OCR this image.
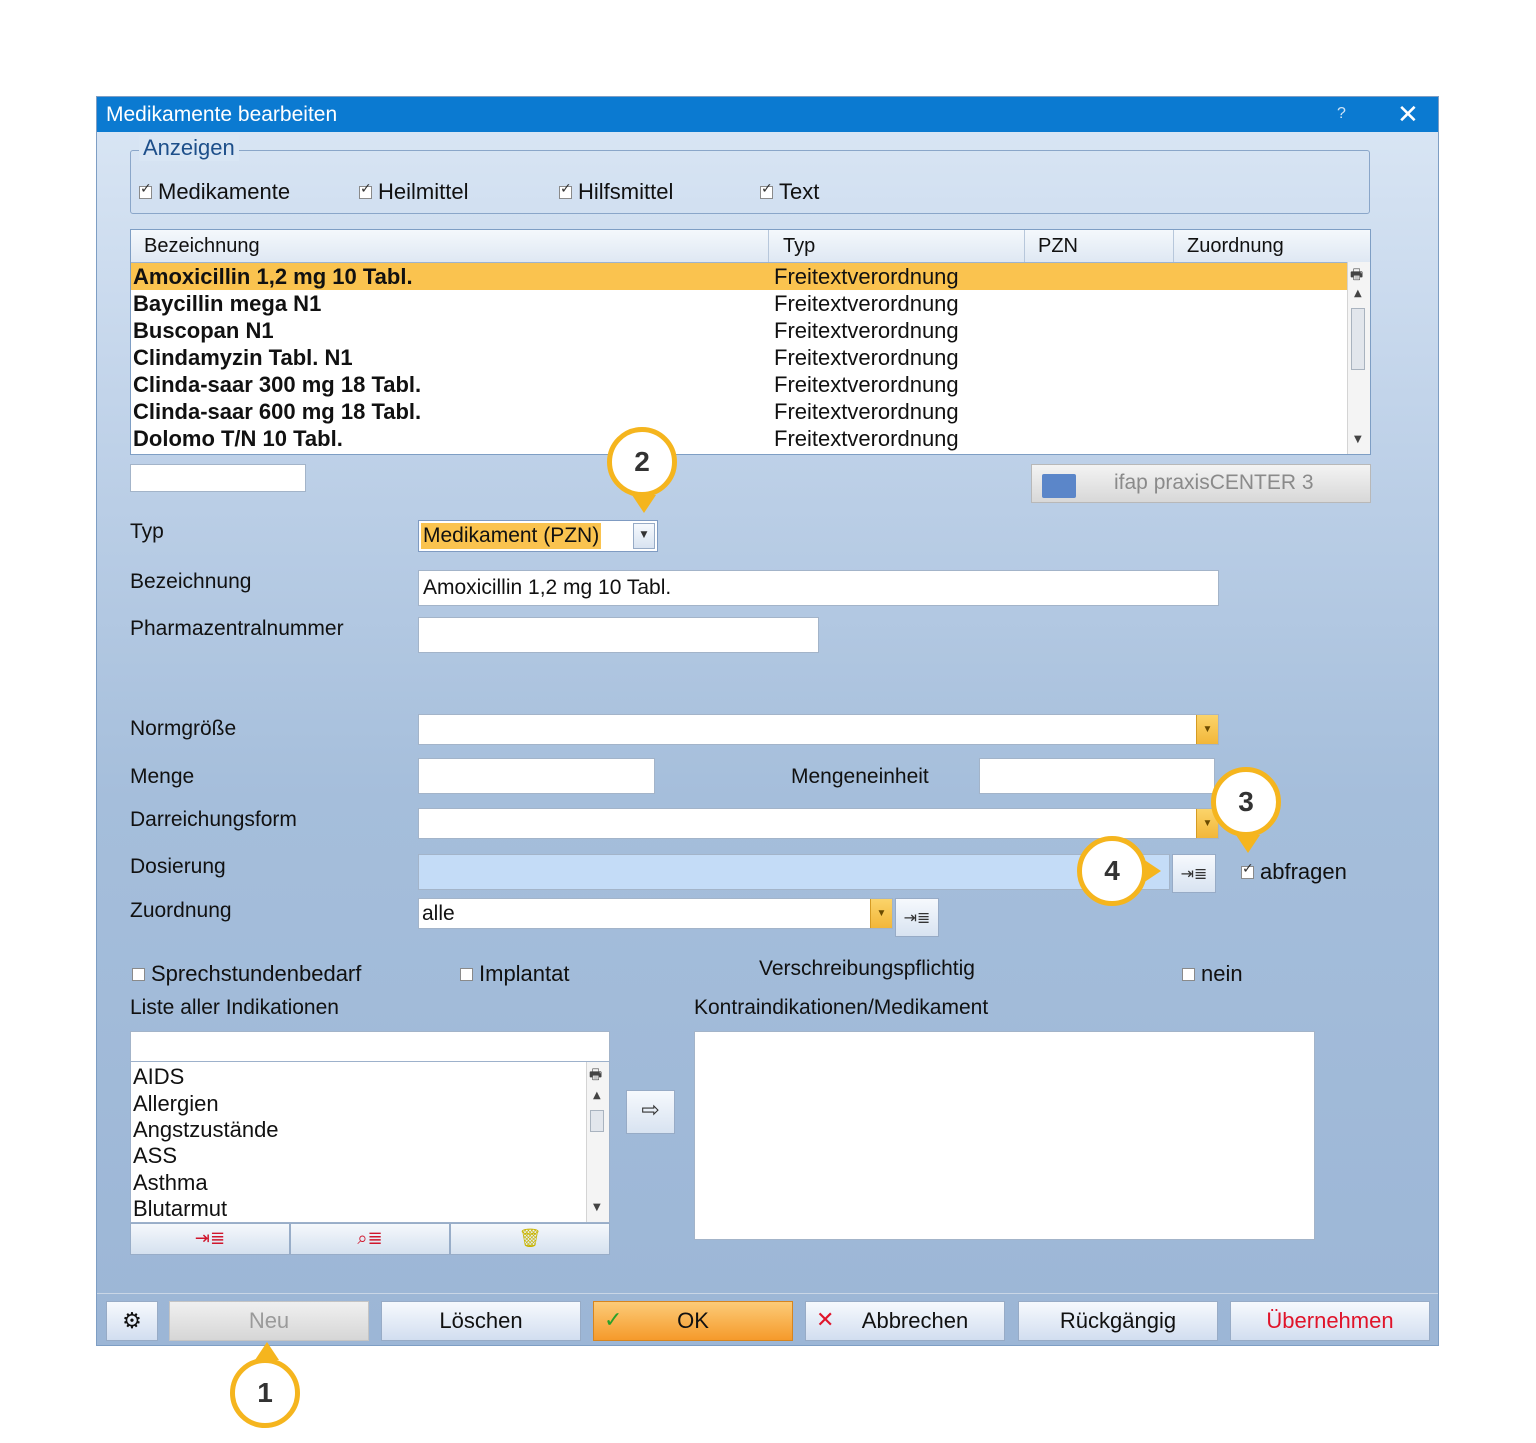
Medikamente bearbeiten	? ✕
Anzeigen
✓
Medikamente ✓	Heilmittel ✓	Hilfsmittel ✓	Text
Bezeichnung	Typ	PZN	Zuordnung
Amoxicillin 1,2 mg 10 Tabl.	Freitextverordnung
Baycillin mega N1	Freitextverordnung
Buscopan N1	Freitextverordnung
Clindamyzin Tabl. N1	Freitextverordnung
Clinda-saar 300 mg 18 Tabl.	Freitextverordnung
Clinda-saar 600 mg 18 Tabl.	Freitextverordnung
Dolomo T/N 10 Tabl.	Freitextverordnung
🖶
▲
▼
ifap praxisCENTER 3
Typ	Medikament (PZN)	▼
Bezeichnung	Amoxicillin 1,2 mg 10 Tabl.
Pharmazentralnummer
Normgröße	▼
Menge	Mengeneinheit
Darreichungsform	▼
Dosierung	⇥≣ ✓	abfragen
Zuordnung	alle	▼	⇥≣
Sprechstundenbedarf	Implantat	Verschreibungspflichtig	nein
Liste aller Indikationen
AIDS
Allergien
Angstzustände
ASS
Asthma
Blutarmut
🖶
▲
▼
⇥≣	⌕≣	🗑
⇨
Kontraindikationen/Medikament
⚙	Neu	Löschen	✓ OK	✕ Abbrechen	Rückgängig	Übernehmen
1
2
3
4
